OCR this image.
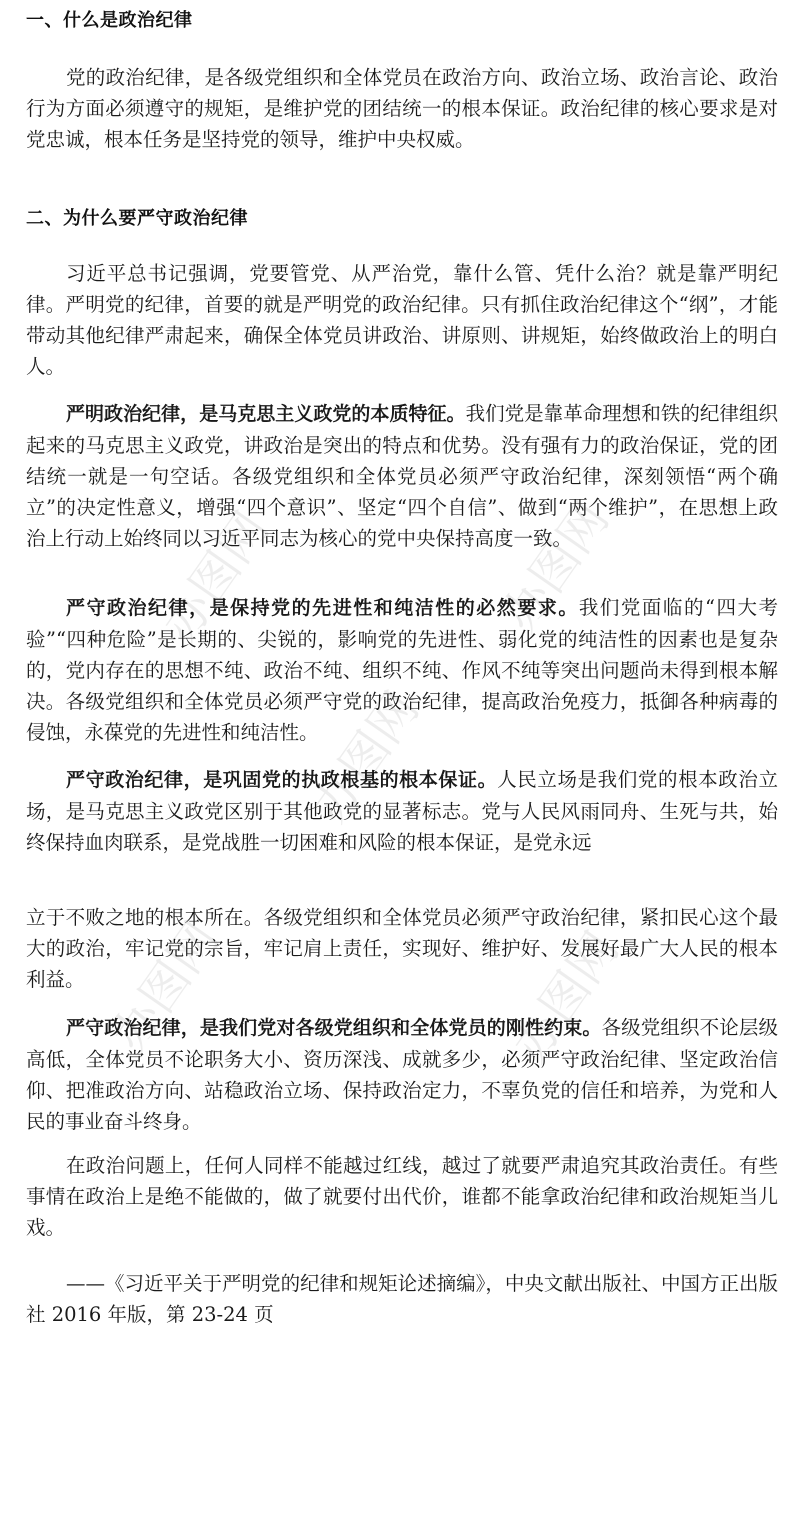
一、什么是政治纪律
党的政治纪律，是各级党组织和全体党员在政治方向、政治立场、政治言论、政治行为方面必须遵守的规矩，是维护党的团结统一的根本保证。政治纪律的核心要求是对党忠诚，根本任务是坚持党的领导，维护中央权威。
二、为什么要严守政治纪律
习近平总书记强调，党要管党、从严治党，靠什么管、凭什么治？就是靠严明纪律。严明党的纪律，首要的就是严明党的政治纪律。只有抓住政治纪律这个“纲”，才能带动其他纪律严肃起来，确保全体党员讲政治、讲原则、讲规矩，始终做政治上的明白人。
严明政治纪律，是马克思主义政党的本质特征。我们党是靠革命理想和铁的纪律组织起来的马克思主义政党，讲政治是突出的特点和优势。没有强有力的政治保证，党的团结统一就是一句空话。各级党组织和全体党员必须严守政治纪律，深刻领悟“两个确立”的决定性意义，增强“四个意识”、坚定“四个自信”、做到“两个维护”，在思想上政治上行动上始终同以习近平同志为核心的党中央保持高度一致。
严守政治纪律，是保持党的先进性和纯洁性的必然要求。我们党面临的“四大考验”“四种危险”是长期的、尖锐的，影响党的先进性、弱化党的纯洁性的因素也是复杂的，党内存在的思想不纯、政治不纯、组织不纯、作风不纯等突出问题尚未得到根本解决。各级党组织和全体党员必须严守党的政治纪律，提高政治免疫力，抵御各种病毒的侵蚀，永葆党的先进性和纯洁性。
严守政治纪律，是巩固党的执政根基的根本保证。人民立场是我们党的根本政治立场，是马克思主义政党区别于其他政党的显著标志。党与人民风雨同舟、生死与共，始终保持血肉联系，是党战胜一切困难和风险的根本保证，是党永远
立于不败之地的根本所在。各级党组织和全体党员必须严守政治纪律，紧扣民心这个最大的政治，牢记党的宗旨，牢记肩上责任，实现好、维护好、发展好最广大人民的根本利益。
严守政治纪律，是我们党对各级党组织和全体党员的刚性约束。各级党组织不论层级高低，全体党员不论职务大小、资历深浅、成就多少，必须严守政治纪律、坚定政治信仰、把准政治方向、站稳政治立场、保持政治定力，不辜负党的信任和培养，为党和人民的事业奋斗终身。
在政治问题上，任何人同样不能越过红线，越过了就要严肃追究其政治责任。有些事情在政治上是绝不能做的，做了就要付出代价，谁都不能拿政治纪律和政治规矩当儿戏。
——《习近平关于严明党的纪律和规矩论述摘编》，中央文献出版社、中国方正出版社 2016 年版，第 23-24 页
办图网	办图网
办图网
办图网	办图网
